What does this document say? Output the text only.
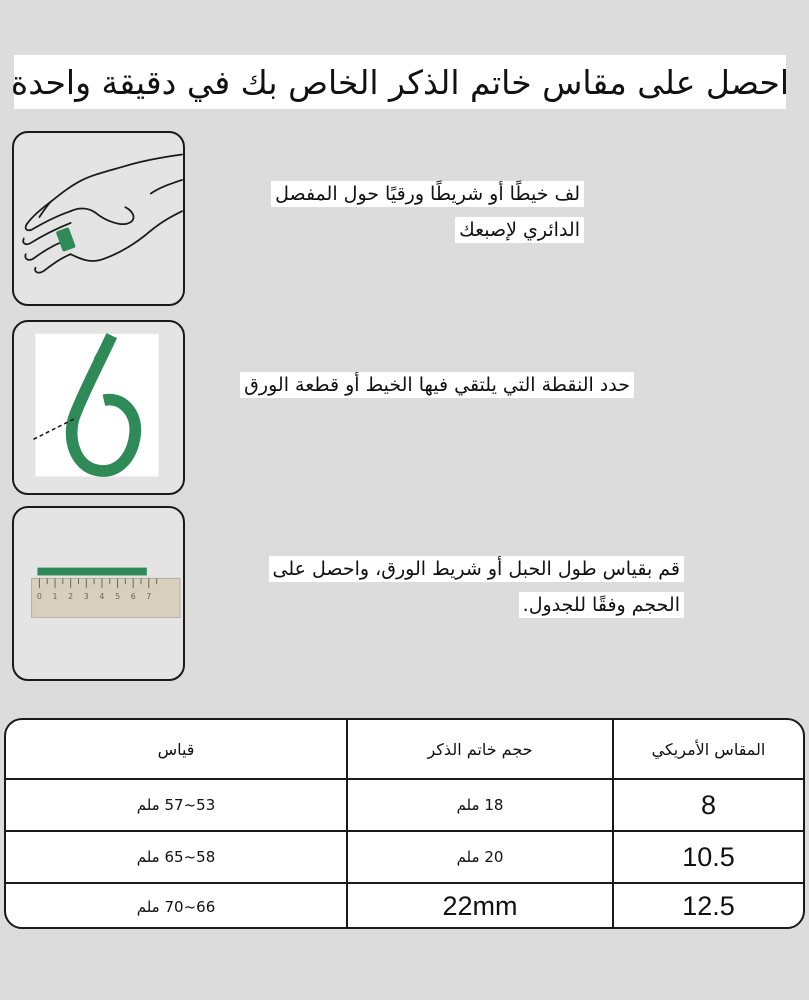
احصل على مقاس خاتم الذكر الخاص بك في دقيقة واحدة
لف خيطًا أو شريطًا ورقيًا حول المفصل
الدائري لإصبعك
حدد النقطة التي يلتقي فيها الخيط أو قطعة الورق
0 1 2 3 4 5 6 7
قم بقياس طول الحبل أو شريط الورق، واحصل على
الحجم وفقًا للجدول.
قياس	حجم خاتم الذكر	المقاس الأمريكي
53~57 ملم	18 ملم	8
58~65 ملم	20 ملم	10.5
66~70 ملم	22mm	12.5
